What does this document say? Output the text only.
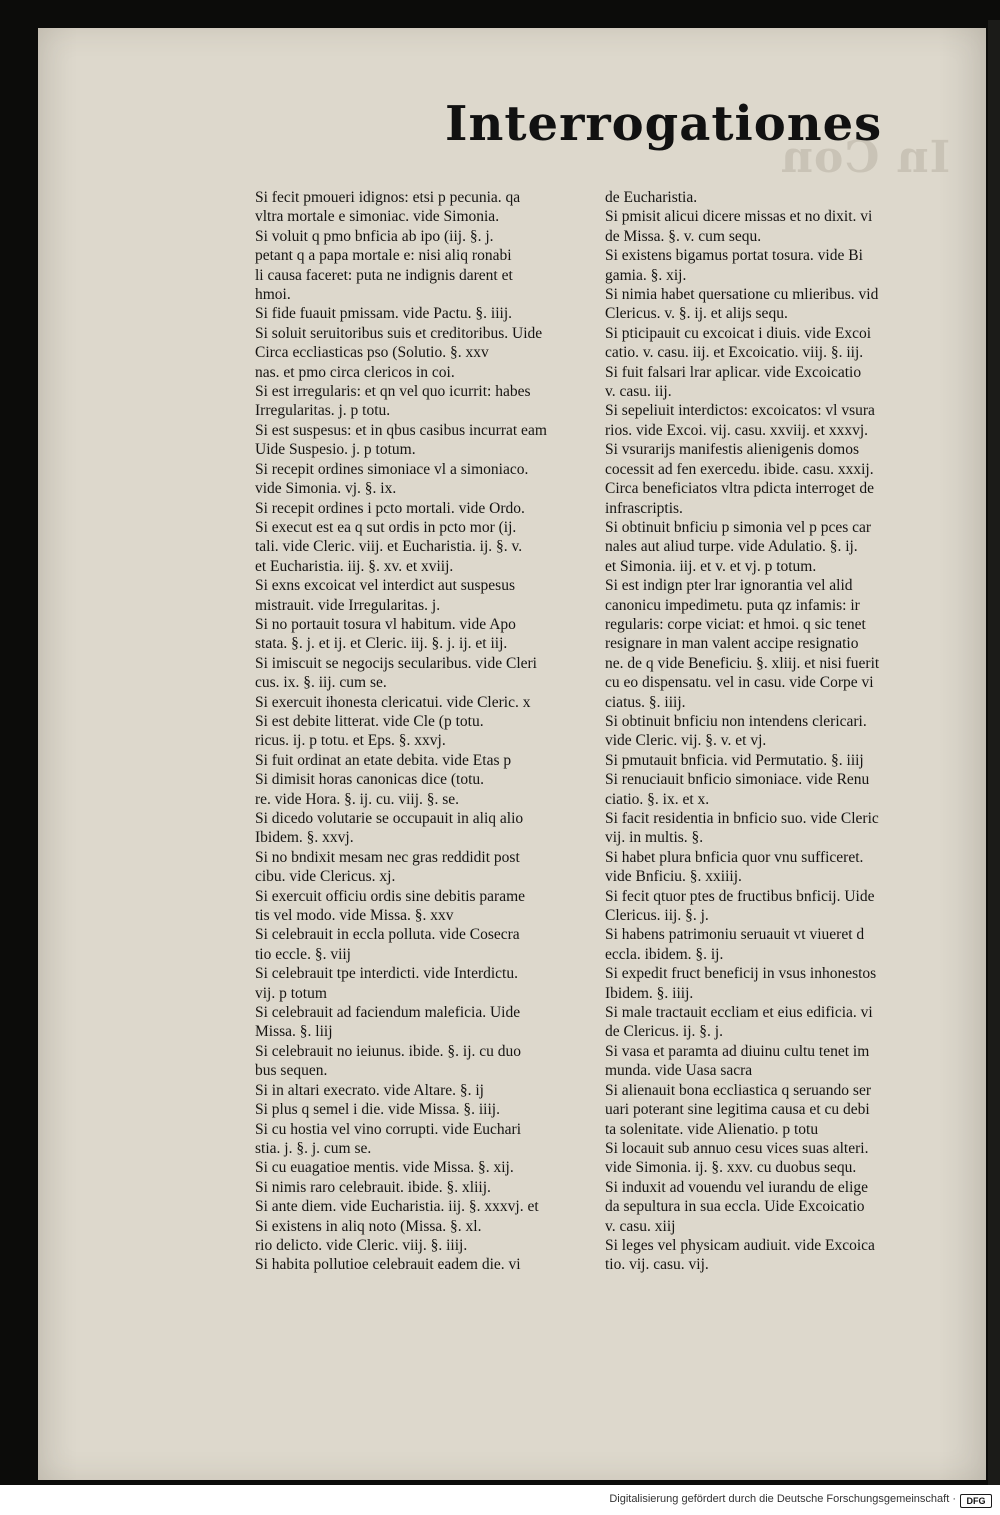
In Con
Interrogationes
Si fecit pmoueri idignos: etsi p pecunia. qa
vltra mortale e simoniac. vide Simonia.
Si voluit q pmo bnficia ab ipo (iij. §. j.
petant q a papa mortale e: nisi aliq ronabi
li causa faceret: puta ne indignis darent et
hmoi.
Si fide fuauit pmissam. vide Pactu. §. iiij.
Si soluit seruitoribus suis et creditoribus. Uide
Circa eccliasticas pso (Solutio. §. xxv
nas. et pmo circa clericos in coi.
Si est irregularis: et qn vel quo icurrit: habes
Irregularitas. j. p totu.
Si est suspesus: et in qbus casibus incurrat eam
Uide Suspesio. j. p totum.
Si recepit ordines simoniace vl a simoniaco.
vide Simonia. vj. §. ix.
Si recepit ordines i pcto mortali. vide Ordo.
Si execut est ea q sut ordis in pcto mor (ij.
tali. vide Cleric. viij. et Eucharistia. ij. §. v.
et Eucharistia. iij. §. xv. et xviij.
Si exns excoicat vel interdict aut suspesus
mistrauit. vide Irregularitas. j.
Si no portauit tosura vl habitum. vide Apo
stata. §. j. et ij. et Cleric. iij. §. j. ij. et iij.
Si imiscuit se negocijs secularibus. vide Cleri
cus. ix. §. iij. cum se.
Si exercuit ihonesta clericatui. vide Cleric. x
Si est debite litterat. vide Cle (p totu.
ricus. ij. p totu. et Eps. §. xxvj.
Si fuit ordinat an etate debita. vide Etas p
Si dimisit horas canonicas dice (totu.
re. vide Hora. §. ij. cu. viij. §. se.
Si dicedo volutarie se occupauit in aliq alio
Ibidem. §. xxvj.
Si no bndixit mesam nec gras reddidit post
cibu. vide Clericus. xj.
Si exercuit officiu ordis sine debitis parame
tis vel modo. vide Missa. §. xxv
Si celebrauit in eccla polluta. vide Cosecra
tio eccle. §. viij
Si celebrauit tpe interdicti. vide Interdictu.
vij. p totum
Si celebrauit ad faciendum maleficia. Uide
Missa. §. liij
Si celebrauit no ieiunus. ibide. §. ij. cu duo
bus sequen.
Si in altari execrato. vide Altare. §. ij
Si plus q semel i die. vide Missa. §. iiij.
Si cu hostia vel vino corrupti. vide Euchari
stia. j. §. j. cum se.
Si cu euagatioe mentis. vide Missa. §. xij.
Si nimis raro celebrauit. ibide. §. xliij.
Si ante diem. vide Eucharistia. iij. §. xxxvj. et
Si existens in aliq noto (Missa. §. xl.
rio delicto. vide Cleric. viij. §. iiij.
Si habita pollutioe celebrauit eadem die. vi
de Eucharistia.
Si pmisit alicui dicere missas et no dixit. vi
de Missa. §. v. cum sequ.
Si existens bigamus portat tosura. vide Bi
gamia. §. xij.
Si nimia habet quersatione cu mlieribus. vid
Clericus. v. §. ij. et alijs sequ.
Si pticipauit cu excoicat i diuis. vide Excoi
catio. v. casu. iij. et Excoicatio. viij. §. iij.
Si fuit falsari lrar aplicar. vide Excoicatio
v. casu. iij.
Si sepeliuit interdictos: excoicatos: vl vsura
rios. vide Excoi. vij. casu. xxviij. et xxxvj.
Si vsurarijs manifestis alienigenis domos
cocessit ad fen exercedu. ibide. casu. xxxij.
Circa beneficiatos vltra pdicta interroget de
infrascriptis.
Si obtinuit bnficiu p simonia vel p pces car
nales aut aliud turpe. vide Adulatio. §. ij.
et Simonia. iij. et v. et vj. p totum.
Si est indign pter lrar ignorantia vel alid
canonicu impedimetu. puta qz infamis: ir
regularis: corpe viciat: et hmoi. q sic tenet
resignare in man valent accipe resignatio
ne. de q vide Beneficiu. §. xliij. et nisi fuerit
cu eo dispensatu. vel in casu. vide Corpe vi
ciatus. §. iiij.
Si obtinuit bnficiu non intendens clericari.
vide Cleric. vij. §. v. et vj.
Si pmutauit bnficia. vid Permutatio. §. iiij
Si renuciauit bnficio simoniace. vide Renu
ciatio. §. ix. et x.
Si facit residentia in bnficio suo. vide Cleric
vij. in multis. §.
Si habet plura bnficia quor vnu sufficeret.
vide Bnficiu. §. xxiiij.
Si fecit qtuor ptes de fructibus bnficij. Uide
Clericus. iij. §. j.
Si habens patrimoniu seruauit vt viueret d
eccla. ibidem. §. ij.
Si expedit fruct beneficij in vsus inhonestos
Ibidem. §. iiij.
Si male tractauit eccliam et eius edificia. vi
de Clericus. ij. §. j.
Si vasa et paramta ad diuinu cultu tenet im
munda. vide Uasa sacra
Si alienauit bona eccliastica q seruando ser
uari poterant sine legitima causa et cu debi
ta solenitate. vide Alienatio. p totu
Si locauit sub annuo cesu vices suas alteri.
vide Simonia. ij. §. xxv. cu duobus sequ.
Si induxit ad vouendu vel iurandu de elige
da sepultura in sua eccla. Uide Excoicatio
v. casu. xiij
Si leges vel physicam audiuit. vide Excoica
tio. vij. casu. vij.
Digitalisierung gefördert durch die Deutsche Forschungsgemeinschaft ·	DFG
